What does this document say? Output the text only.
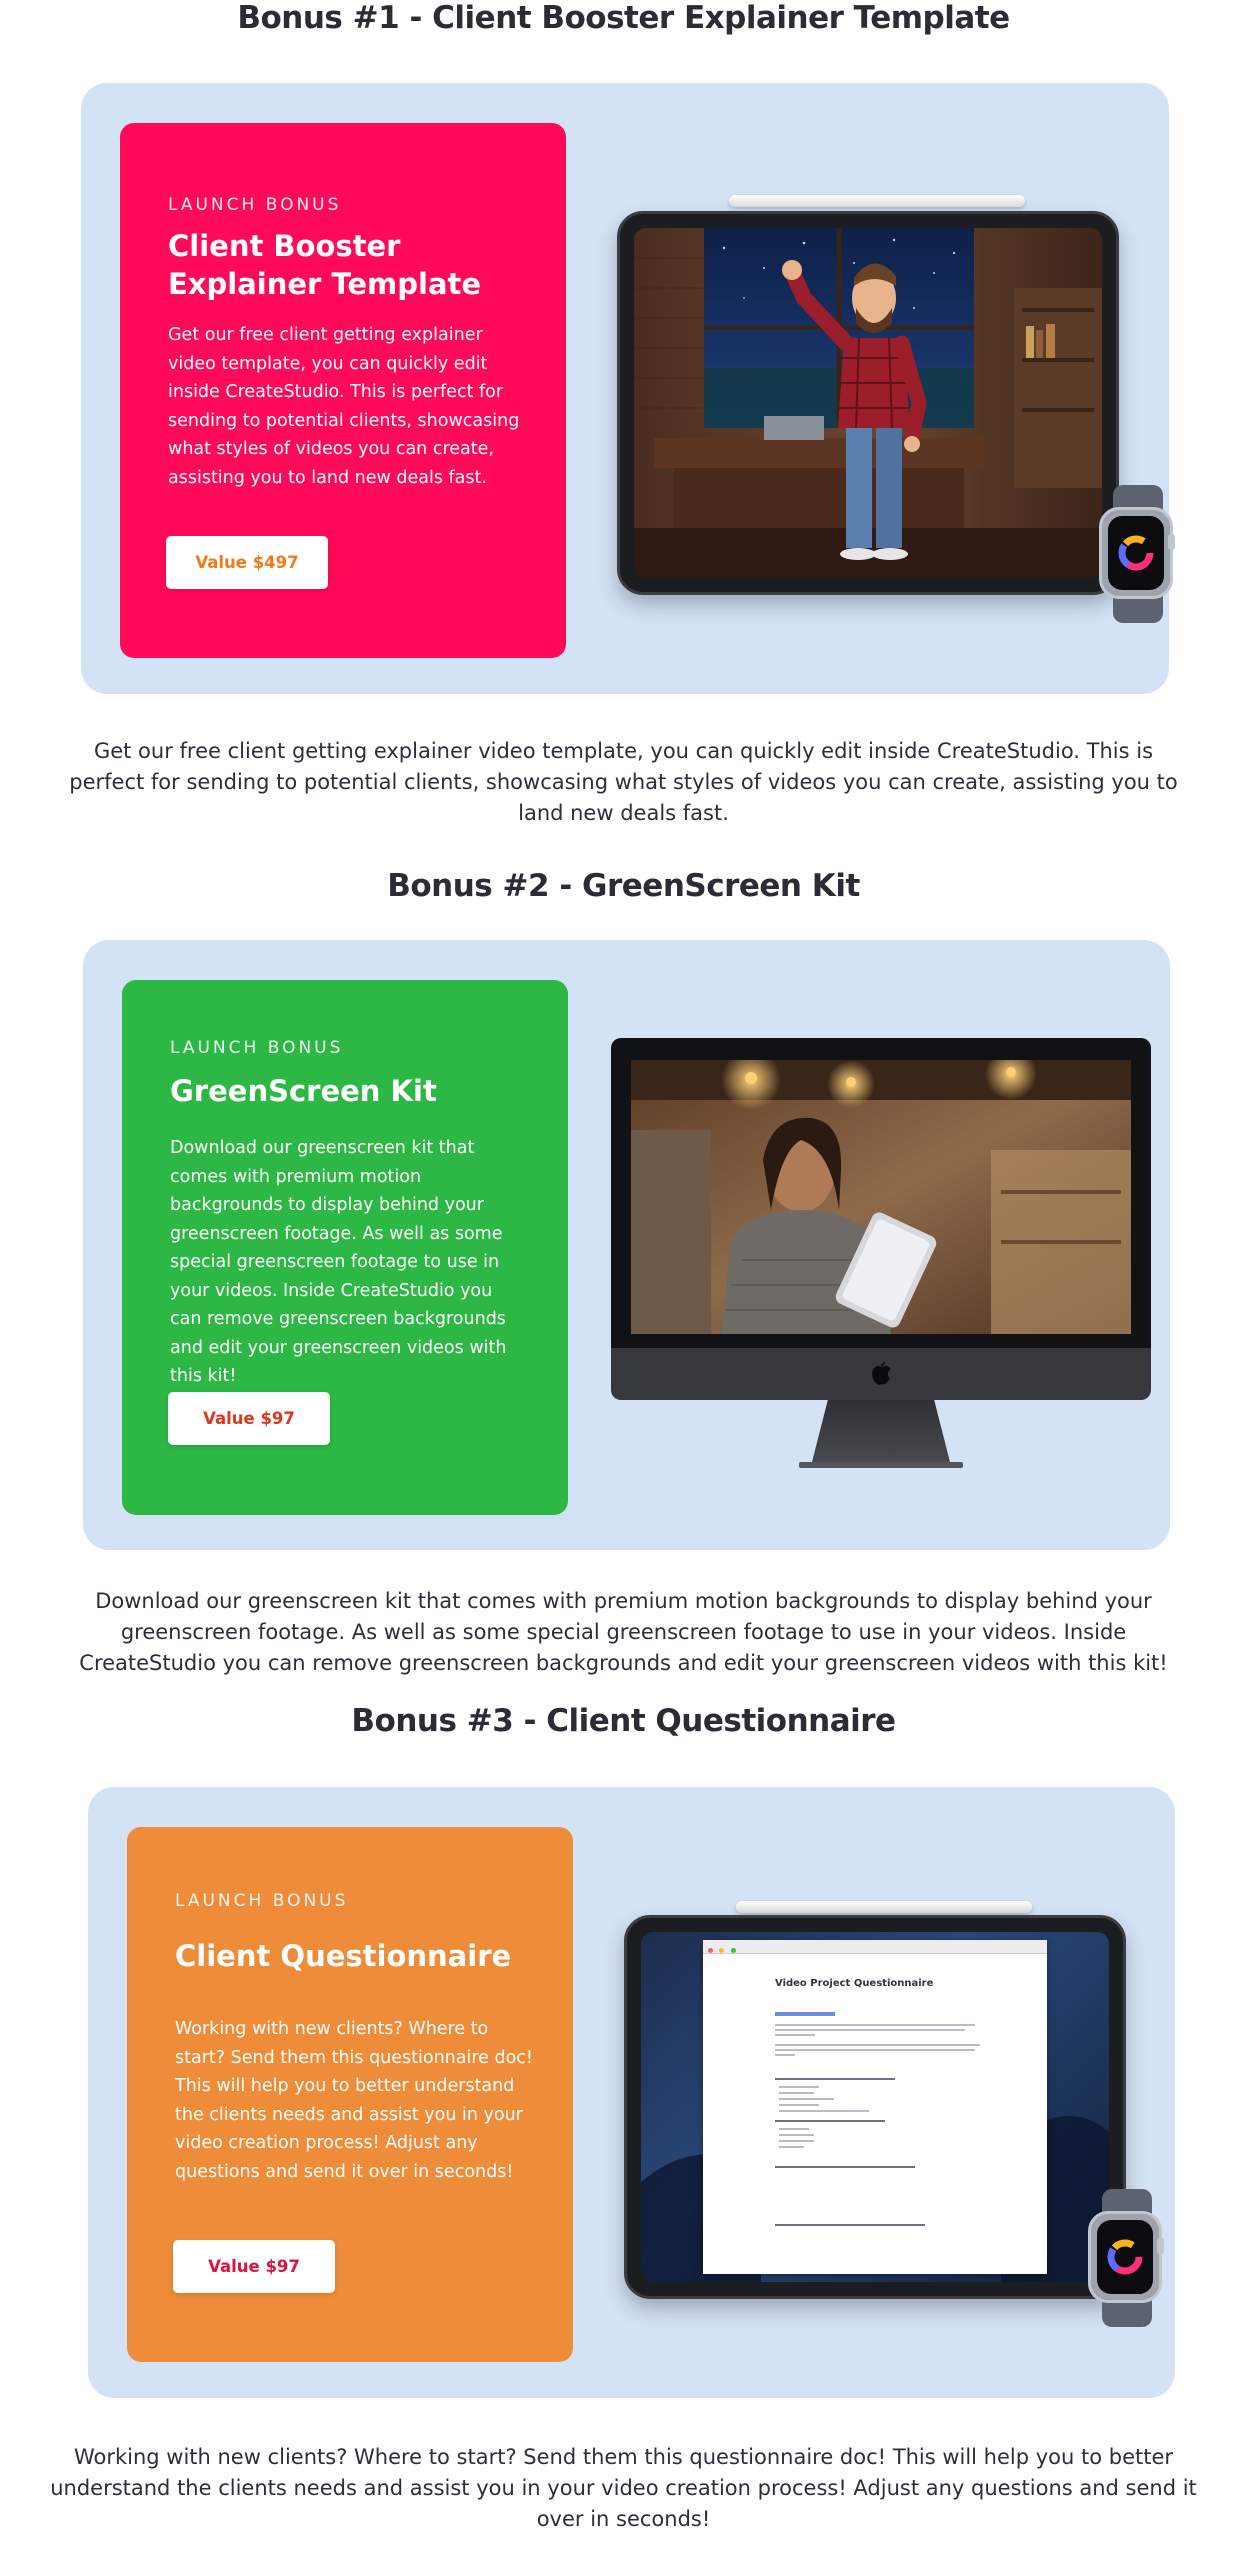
Bonus #1 - Client Booster Explainer Template
LAUNCH BONUS
Client Booster Explainer Template
Get our free client getting explainer video template, you can quickly edit inside CreateStudio. This is perfect for sending to potential clients, showcasing what styles of videos you can create, assisting you to land new deals fast.
Value $497

Get our free client getting explainer video template, you can quickly edit inside CreateStudio. This is perfect for sending to potential clients, showcasing what styles of videos you can create, assisting you to land new deals fast.

Bonus #2 - GreenScreen Kit
LAUNCH BONUS
GreenScreen Kit
Download our greenscreen kit that comes with premium motion backgrounds to display behind your greenscreen footage. As well as some special greenscreen footage to use in your videos. Inside CreateStudio you can remove greenscreen backgrounds and edit your greenscreen videos with this kit!
Value $97

Download our greenscreen kit that comes with premium motion backgrounds to display behind your greenscreen footage. As well as some special greenscreen footage to use in your videos. Inside CreateStudio you can remove greenscreen backgrounds and edit your greenscreen videos with this kit!

Bonus #3 - Client Questionnaire
LAUNCH BONUS
Client Questionnaire
Working with new clients? Where to start? Send them this questionnaire doc! This will help you to better understand the clients needs and assist you in your video creation process! Adjust any questions and send it over in seconds!
Value $97

Video Project Questionnaire

Working with new clients? Where to start? Send them this questionnaire doc! This will help you to better understand the clients needs and assist you in your video creation process! Adjust any questions and send it over in seconds!
